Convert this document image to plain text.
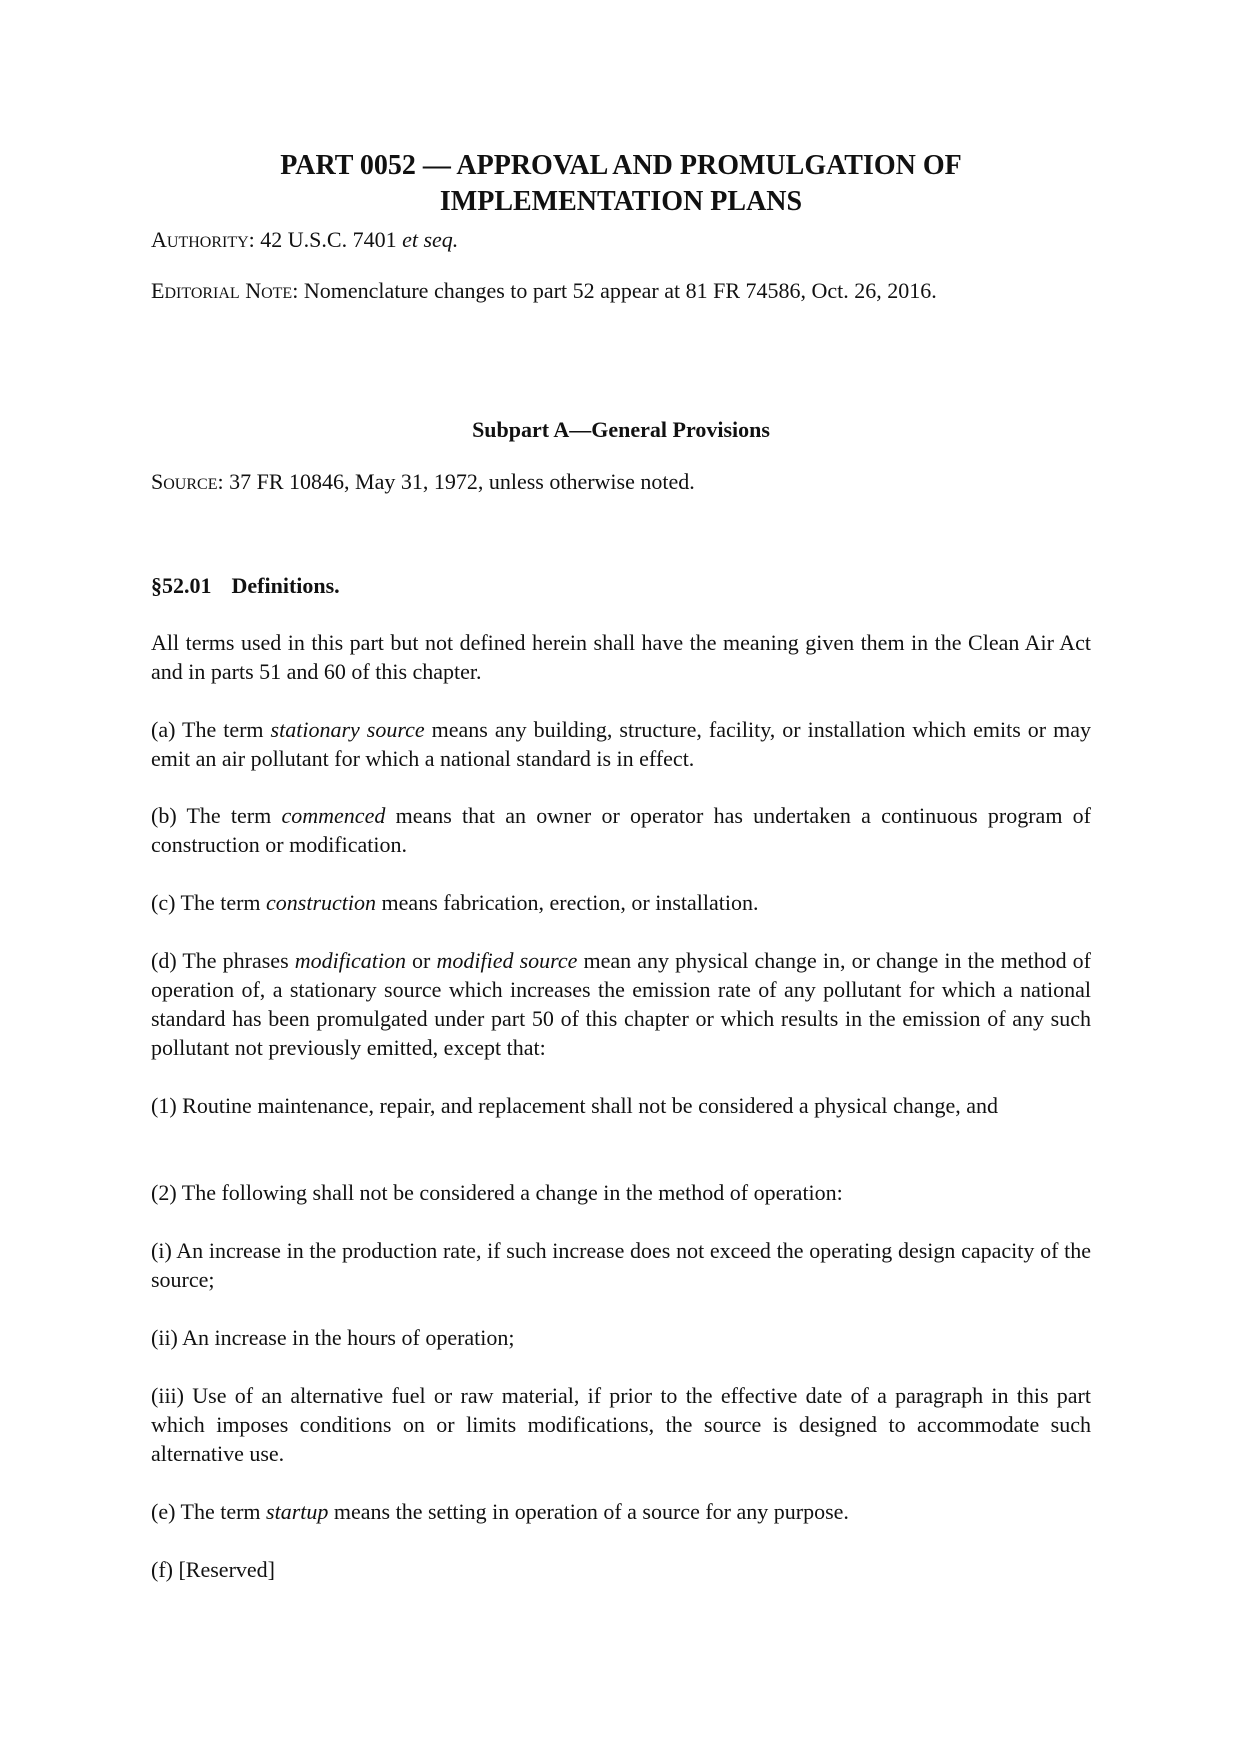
PART 0052 — APPROVAL AND PROMULGATION OF
IMPLEMENTATION PLANS

AUTHORITY: 42 U.S.C. 7401 et seq.

EDITORIAL NOTE: Nomenclature changes to part 52 appear at 81 FR 74586, Oct. 26, 2016.

Subpart A—General Provisions

SOURCE: 37 FR 10846, May 31, 1972, unless otherwise noted.

§52.01 Definitions.

All terms used in this part but not defined herein shall have the meaning given them in the Clean Air Act and in parts 51 and 60 of this chapter.

(a) The term stationary source means any building, structure, facility, or installation which emits or may emit an air pollutant for which a national standard is in effect.

(b) The term commenced means that an owner or operator has undertaken a continuous program of construction or modification.

(c) The term construction means fabrication, erection, or installation.

(d) The phrases modification or modified source mean any physical change in, or change in the method of operation of, a stationary source which increases the emission rate of any pollutant for which a national standard has been promulgated under part 50 of this chapter or which results in the emission of any such pollutant not previously emitted, except that:

(1) Routine maintenance, repair, and replacement shall not be considered a physical change, and

(2) The following shall not be considered a change in the method of operation:

(i) An increase in the production rate, if such increase does not exceed the operating design capacity of the source;

(ii) An increase in the hours of operation;

(iii) Use of an alternative fuel or raw material, if prior to the effective date of a paragraph in this part which imposes conditions on or limits modifications, the source is designed to accommodate such alternative use.

(e) The term startup means the setting in operation of a source for any purpose.

(f) [Reserved]
